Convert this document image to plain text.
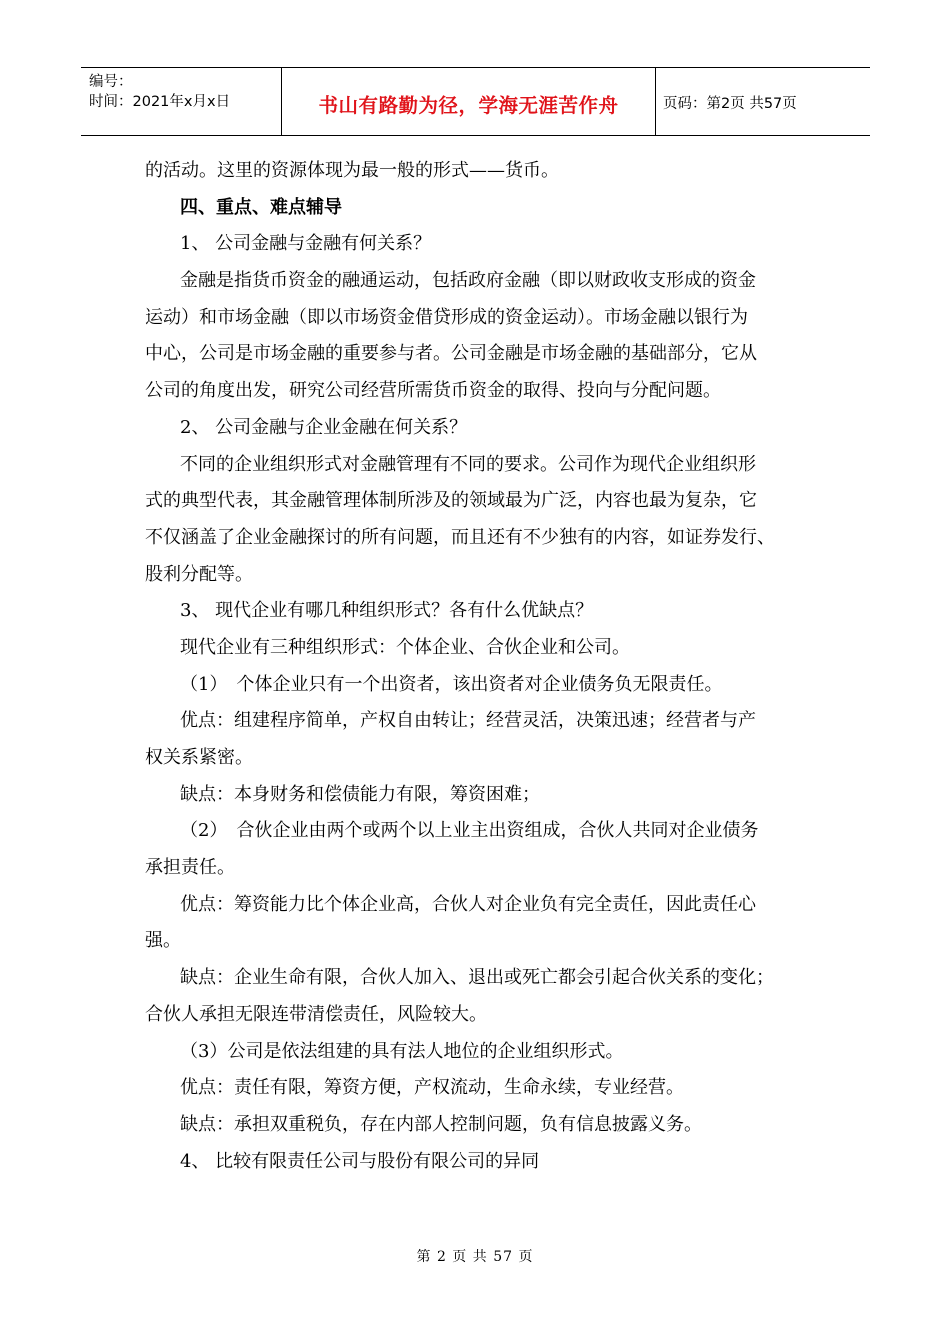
编号：
时间：2021年x月x日	书山有路勤为径，学海无涯苦作舟	页码：第2页 共57页
的活动。这里的资源体现为最一般的形式——货币。
四、重点、难点辅导
1、 公司金融与金融有何关系？
金融是指货币资金的融通运动，包括政府金融（即以财政收支形成的资金
运动）和市场金融（即以市场资金借贷形成的资金运动）。市场金融以银行为
中心，公司是市场金融的重要参与者。公司金融是市场金融的基础部分，它从
公司的角度出发，研究公司经营所需货币资金的取得、投向与分配问题。
2、 公司金融与企业金融在何关系？
不同的企业组织形式对金融管理有不同的要求。公司作为现代企业组织形
式的典型代表，其金融管理体制所涉及的领域最为广泛，内容也最为复杂，它
不仅涵盖了企业金融探讨的所有问题，而且还有不少独有的内容，如证券发行、
股利分配等。
3、 现代企业有哪几种组织形式？各有什么优缺点？
现代企业有三种组织形式：个体企业、合伙企业和公司。
（1）　个体企业只有一个出资者，该出资者对企业债务负无限责任。
优点：组建程序简单，产权自由转让；经营灵活，决策迅速；经营者与产
权关系紧密。
缺点：本身财务和偿债能力有限，筹资困难；
（2）　合伙企业由两个或两个以上业主出资组成，合伙人共同对企业债务
承担责任。
优点：筹资能力比个体企业高，合伙人对企业负有完全责任，因此责任心
强。
缺点：企业生命有限，合伙人加入、退出或死亡都会引起合伙关系的变化；
合伙人承担无限连带清偿责任，风险较大。
（3）公司是依法组建的具有法人地位的企业组织形式。
优点：责任有限，筹资方便，产权流动，生命永续，专业经营。
缺点：承担双重税负，存在内部人控制问题，负有信息披露义务。
4、 比较有限责任公司与股份有限公司的异同
第 2 页 共 57 页
